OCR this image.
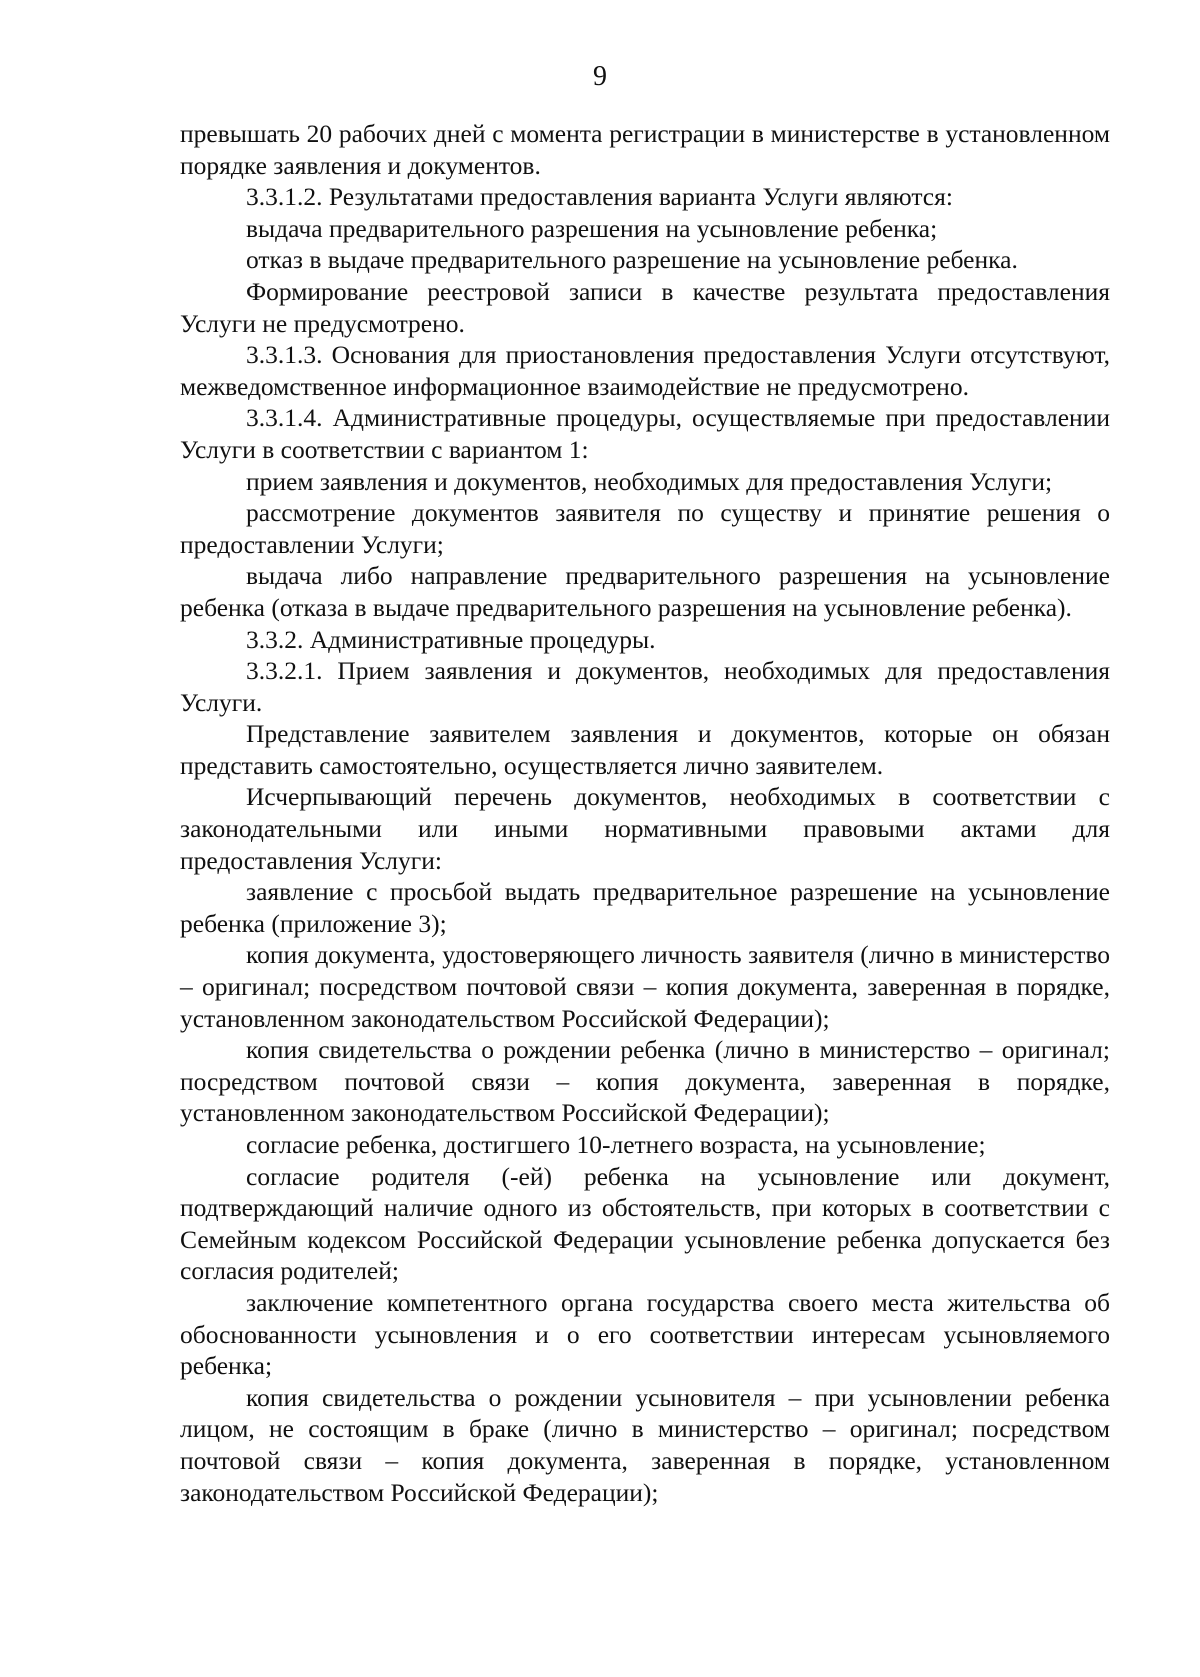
9

превышать 20 рабочих дней с момента регистрации в министерстве в установленном порядке заявления и документов.

3.3.1.2. Результатами предоставления варианта Услуги являются:

выдача предварительного разрешения на усыновление ребенка;

отказ в выдаче предварительного разрешение на усыновление ребенка.

Формирование реестровой записи в качестве результата предоставления Услуги не предусмотрено.

3.3.1.3. Основания для приостановления предоставления Услуги отсутствуют, межведомственное информационное взаимодействие не предусмотрено.

3.3.1.4. Административные процедуры, осуществляемые при предоставлении Услуги в соответствии с вариантом 1:

прием заявления и документов, необходимых для предоставления Услуги;

рассмотрение документов заявителя по существу и принятие решения о предоставлении Услуги;

выдача либо направление предварительного разрешения на усыновление ребенка (отказа в выдаче предварительного разрешения на усыновление ребенка).

3.3.2. Административные процедуры.

3.3.2.1. Прием заявления и документов, необходимых для предоставления Услуги.

Представление заявителем заявления и документов, которые он обязан представить самостоятельно, осуществляется лично заявителем.

Исчерпывающий перечень документов, необходимых в соответствии с законодательными или иными нормативными правовыми актами для предоставления Услуги:

заявление с просьбой выдать предварительное разрешение на усыновление ребенка (приложение 3);

копия документа, удостоверяющего личность заявителя (лично в министерство – оригинал; посредством почтовой связи – копия документа, заверенная в порядке, установленном законодательством Российской Федерации);

копия свидетельства о рождении ребенка (лично в министерство – оригинал; посредством почтовой связи – копия документа, заверенная в порядке, установленном законодательством Российской Федерации);

согласие ребенка, достигшего 10-летнего возраста, на усыновление;

согласие родителя (-ей) ребенка на усыновление или документ, подтверждающий наличие одного из обстоятельств, при которых в соответствии с Семейным кодексом Российской Федерации усыновление ребенка допускается без согласия родителей;

заключение компетентного органа государства своего места жительства об обоснованности усыновления и о его соответствии интересам усыновляемого ребенка;

копия свидетельства о рождении усыновителя – при усыновлении ребенка лицом, не состоящим в браке (лично в министерство – оригинал; посредством почтовой связи – копия документа, заверенная в порядке, установленном законодательством Российской Федерации);
